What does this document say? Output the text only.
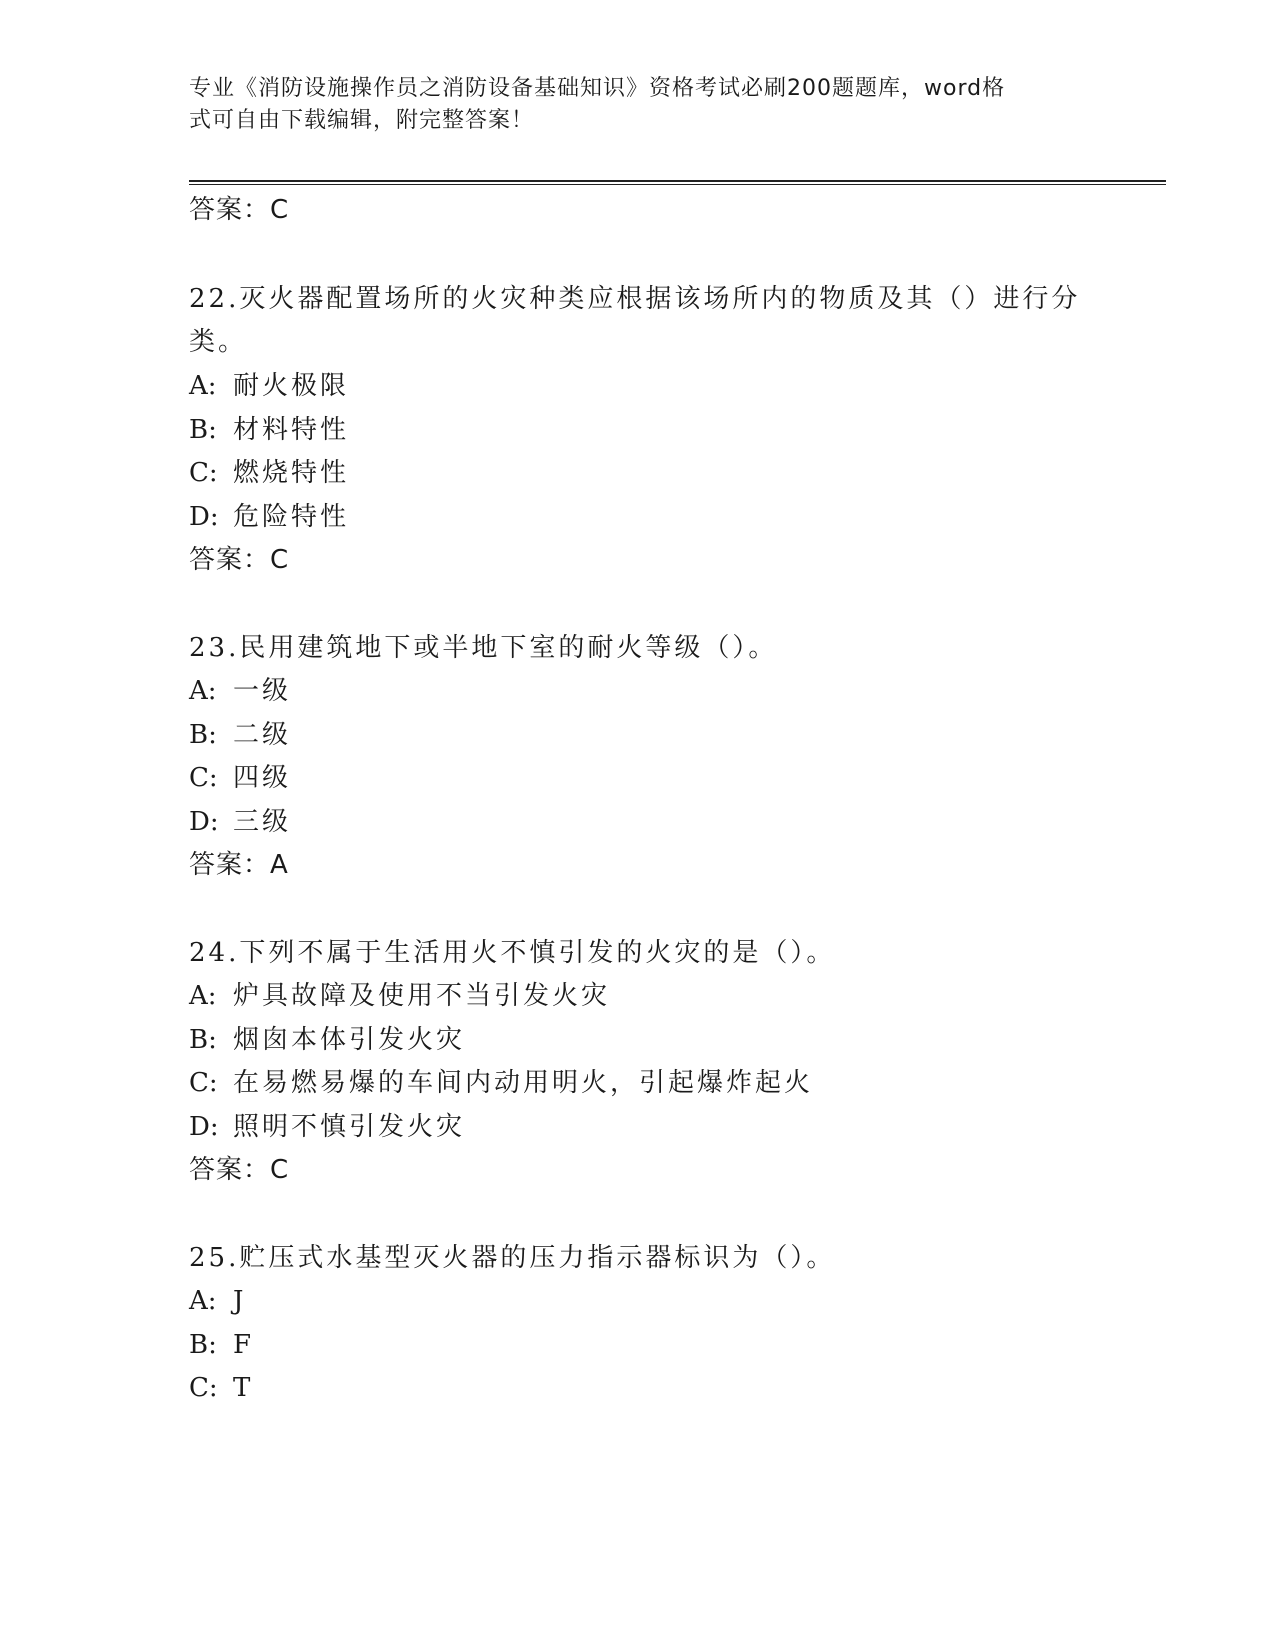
专业《消防设施操作员之消防设备基础知识》资格考试必刷200题题库，word格
式可自由下载编辑，附完整答案！
答案：C
22.灭火器配置场所的火灾种类应根据该场所内的物质及其（）进行分
类。
A: 耐火极限
B: 材料特性
C: 燃烧特性
D: 危险特性
答案：C
23.民用建筑地下或半地下室的耐火等级（）。
A: 一级
B: 二级
C: 四级
D: 三级
答案：A
24.下列不属于生活用火不慎引发的火灾的是（）。
A: 炉具故障及使用不当引发火灾
B: 烟囱本体引发火灾
C: 在易燃易爆的车间内动用明火，引起爆炸起火
D: 照明不慎引发火灾
答案：C
25.贮压式水基型灭火器的压力指示器标识为（）。
A: J
B: F
C: T
